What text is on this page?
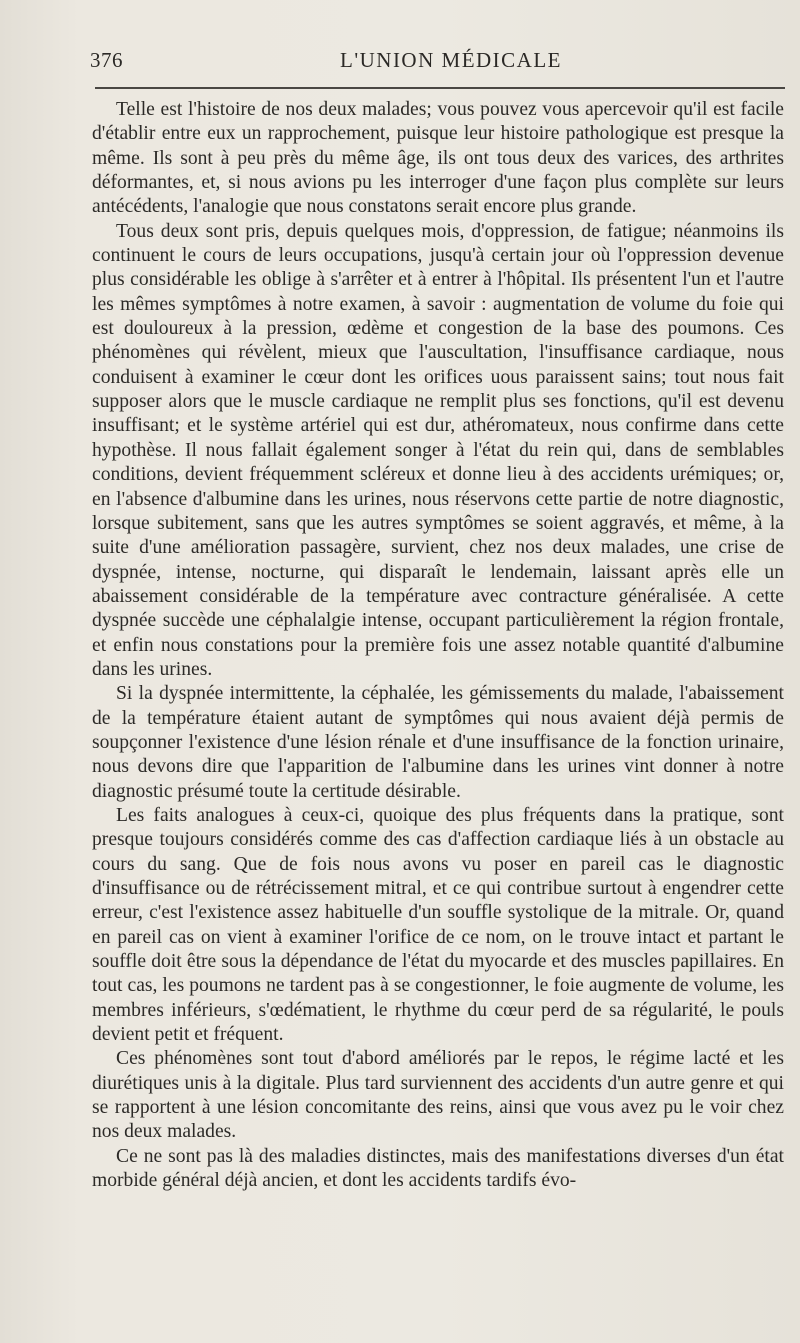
376	L'UNION MÉDICALE

Telle est l'histoire de nos deux malades; vous pouvez vous apercevoir qu'il est facile d'établir entre eux un rapprochement, puisque leur histoire pathologique est presque la même. Ils sont à peu près du même âge, ils ont tous deux des varices, des arthrites déformantes, et, si nous avions pu les interroger d'une façon plus complète sur leurs antécédents, l'analogie que nous constatons serait encore plus grande.

Tous deux sont pris, depuis quelques mois, d'oppression, de fatigue; néanmoins ils continuent le cours de leurs occupations, jusqu'à certain jour où l'oppression devenue plus considérable les oblige à s'arrêter et à entrer à l'hôpital. Ils présentent l'un et l'autre les mêmes symptômes à notre examen, à savoir : augmentation de volume du foie qui est douloureux à la pression, œdème et congestion de la base des poumons. Ces phénomènes qui révèlent, mieux que l'auscultation, l'insuffisance cardiaque, nous conduisent à examiner le cœur dont les orifices uous paraissent sains; tout nous fait supposer alors que le muscle cardiaque ne remplit plus ses fonctions, qu'il est devenu insuffisant; et le système artériel qui est dur, athéromateux, nous confirme dans cette hypothèse. Il nous fallait également songer à l'état du rein qui, dans de semblables conditions, devient fréquemment scléreux et donne lieu à des accidents urémiques; or, en l'absence d'albumine dans les urines, nous réservons cette partie de notre diagnostic, lorsque subitement, sans que les autres symptômes se soient aggravés, et même, à la suite d'une amélioration passagère, survient, chez nos deux malades, une crise de dyspnée, intense, nocturne, qui disparaît le lendemain, laissant après elle un abaissement considérable de la température avec contracture généralisée. A cette dyspnée succède une céphalalgie intense, occupant particulièrement la région frontale, et enfin nous constations pour la première fois une assez notable quantité d'albumine dans les urines.

Si la dyspnée intermittente, la céphalée, les gémissements du malade, l'abaissement de la température étaient autant de symptômes qui nous avaient déjà permis de soupçonner l'existence d'une lésion rénale et d'une insuffisance de la fonction urinaire, nous devons dire que l'apparition de l'albumine dans les urines vint donner à notre diagnostic présumé toute la certitude désirable.

Les faits analogues à ceux-ci, quoique des plus fréquents dans la pratique, sont presque toujours considérés comme des cas d'affection cardiaque liés à un obstacle au cours du sang. Que de fois nous avons vu poser en pareil cas le diagnostic d'insuffisance ou de rétrécissement mitral, et ce qui contribue surtout à engendrer cette erreur, c'est l'existence assez habituelle d'un souffle systolique de la mitrale. Or, quand en pareil cas on vient à examiner l'orifice de ce nom, on le trouve intact et partant le souffle doit être sous la dépendance de l'état du myocarde et des muscles papillaires. En tout cas, les poumons ne tardent pas à se congestionner, le foie augmente de volume, les membres inférieurs, s'œdématient, le rhythme du cœur perd de sa régularité, le pouls devient petit et fréquent.

Ces phénomènes sont tout d'abord améliorés par le repos, le régime lacté et les diurétiques unis à la digitale. Plus tard surviennent des accidents d'un autre genre et qui se rapportent à une lésion concomitante des reins, ainsi que vous avez pu le voir chez nos deux malades.

Ce ne sont pas là des maladies distinctes, mais des manifestations diverses d'un état morbide général déjà ancien, et dont les accidents tardifs évo-
